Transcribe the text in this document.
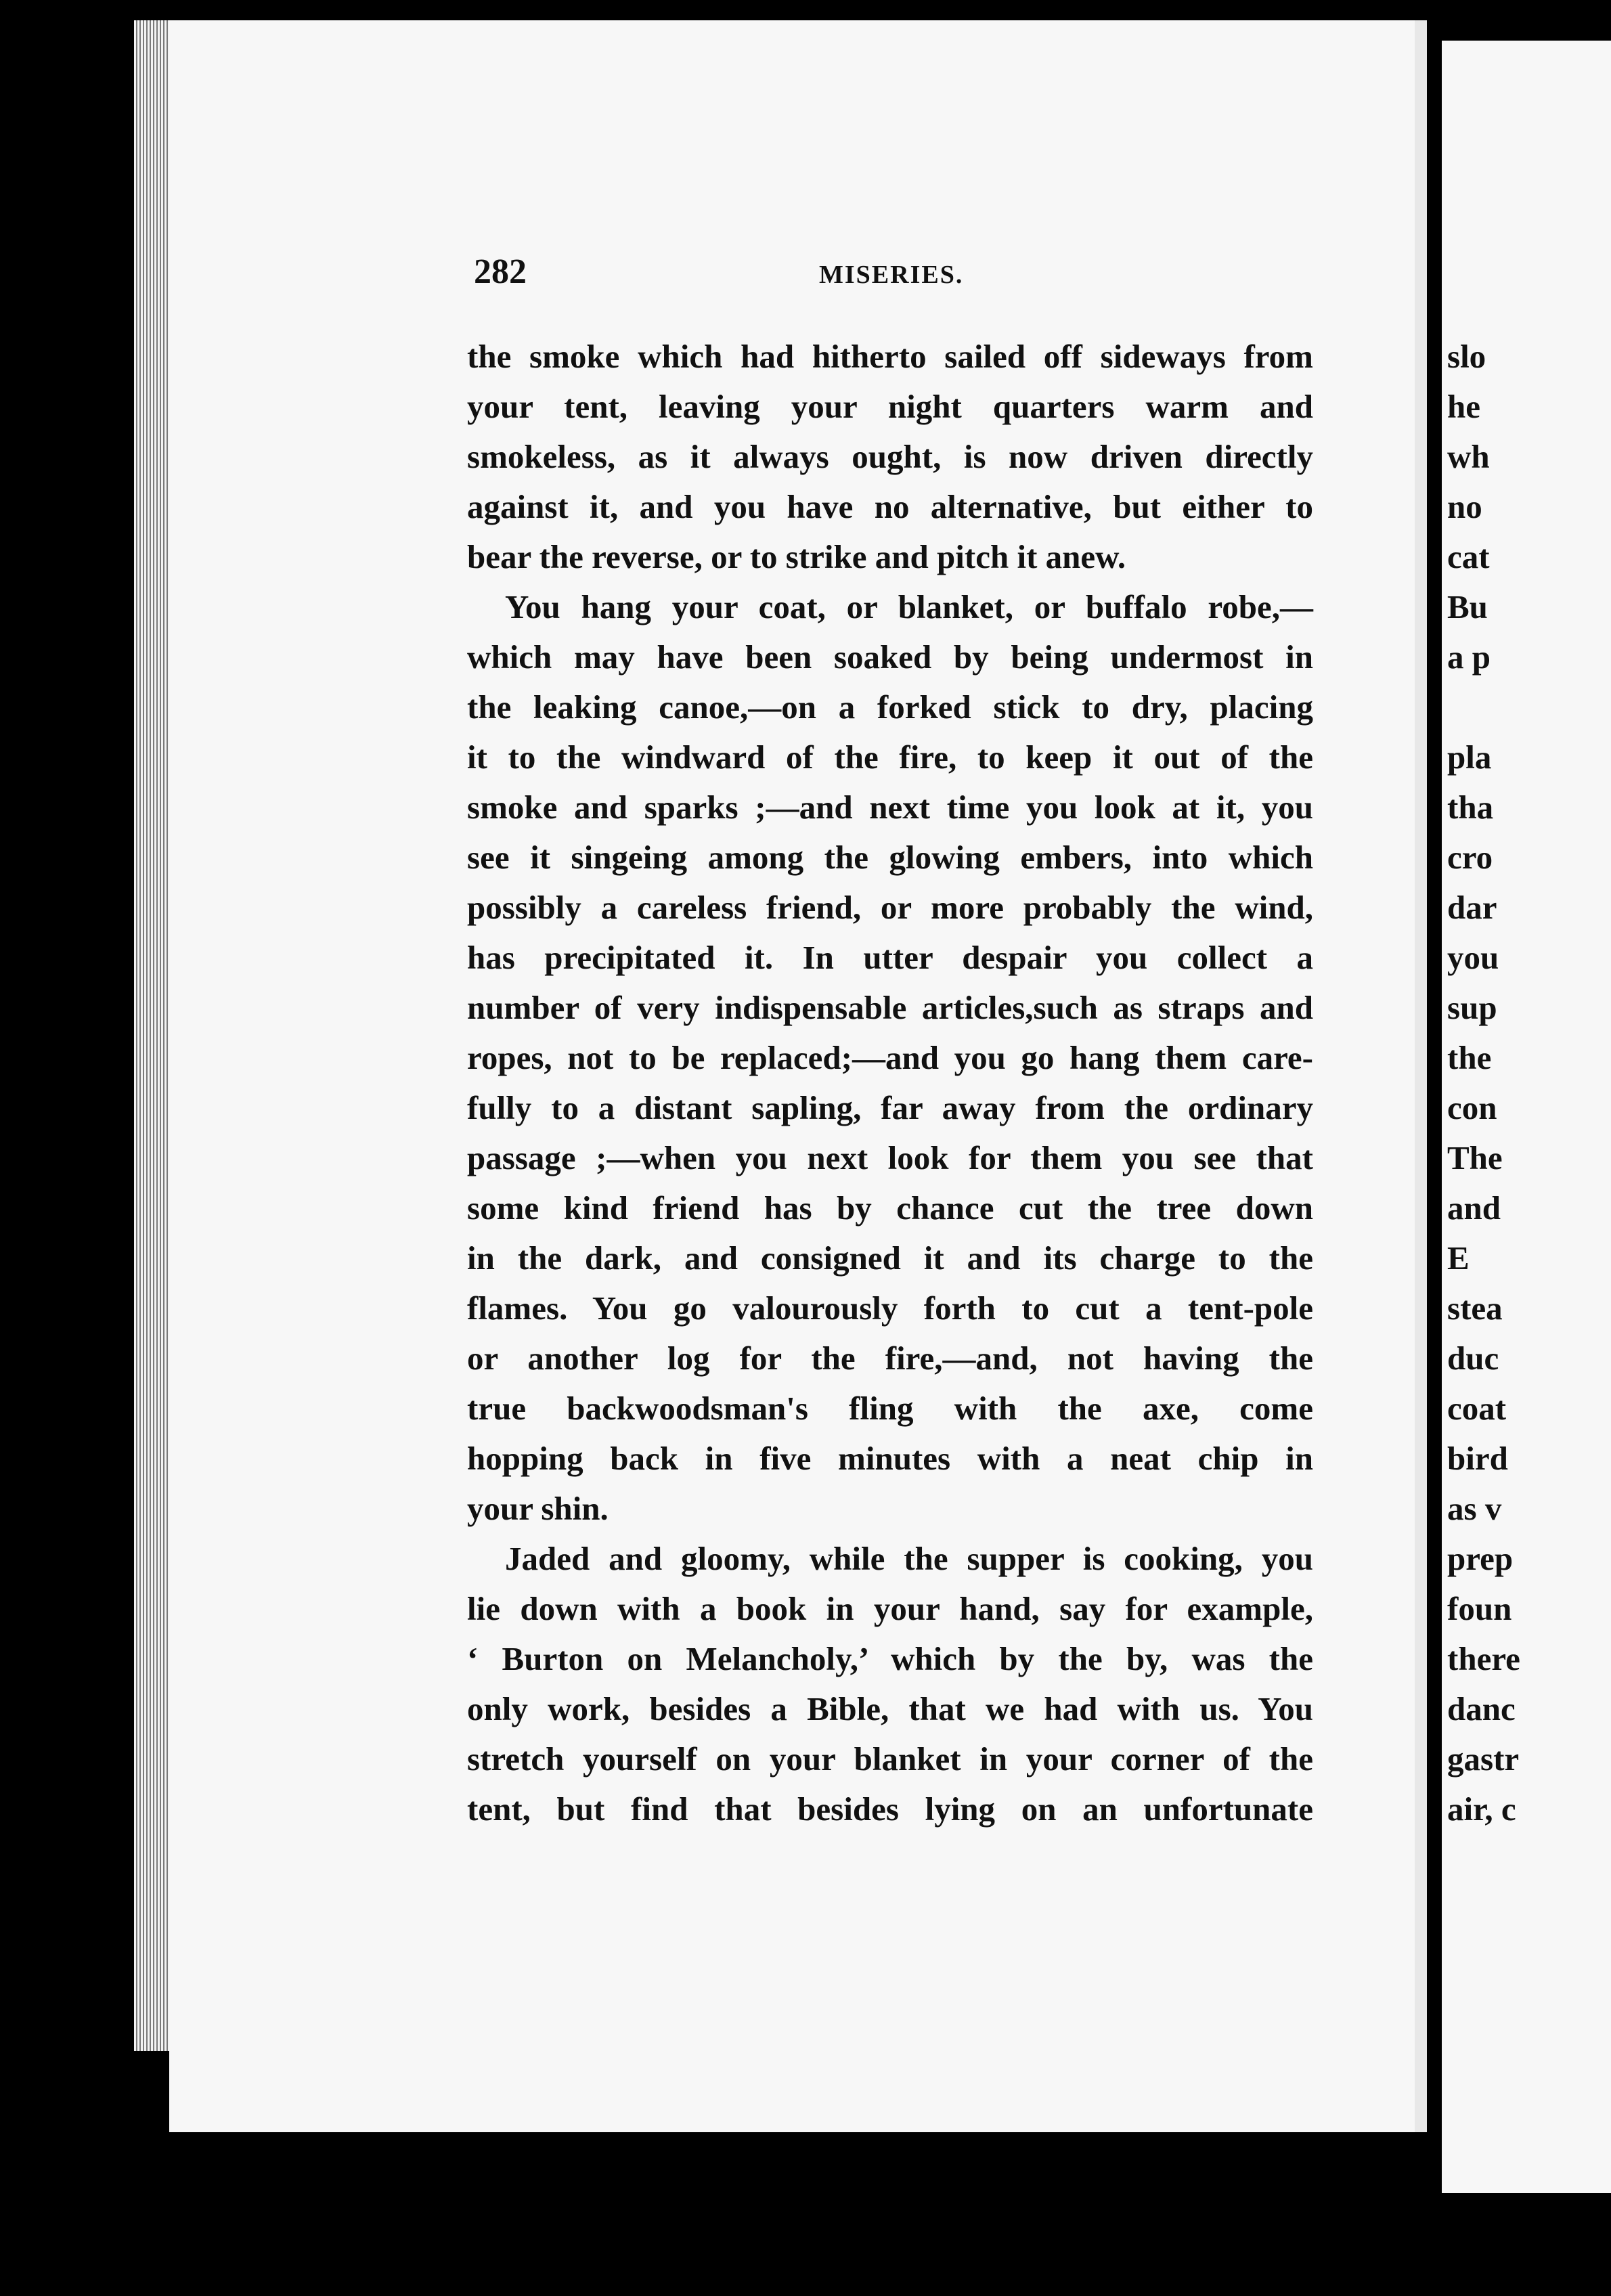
282	MISERIES.
the smoke which had hitherto sailed off sideways from
your tent, leaving your night quarters warm and
smokeless, as it always ought, is now driven directly
against it, and you have no alternative, but either to
bear the reverse, or to strike and pitch it anew.
You hang your coat, or blanket, or buffalo robe,—
which may have been soaked by being undermost in
the leaking canoe,—on a forked stick to dry, placing
it to the windward of the fire, to keep it out of the
smoke and sparks ;—and next time you look at it, you
see it singeing among the glowing embers, into which
possibly a careless friend, or more probably the wind,
has precipitated it. In utter despair you collect a
number of very indispensable articles,such as straps and
ropes, not to be replaced;—and you go hang them care-
fully to a distant sapling, far away from the ordinary
passage ;—when you next look for them you see that
some kind friend has by chance cut the tree down
in the dark, and consigned it and its charge to the
flames. You go valourously forth to cut a tent-pole
or another log for the fire,—and, not having the
true backwoodsman's fling with the axe, come
hopping back in five minutes with a neat chip in
your shin.
Jaded and gloomy, while the supper is cooking, you
lie down with a book in your hand, say for example,
‘ Burton on Melancholy,’ which by the by, was the
only work, besides a Bible, that we had with us. You
stretch yourself on your blanket in your corner of the
tent, but find that besides lying on an unfortunate
slo
he
wh
no
cat
Bu
a p
pla
tha
cro
dar
you
sup
the
con
The
and
E
stea
duc
coat
bird
as v
prep
foun
there
danc
gastr
air, c
